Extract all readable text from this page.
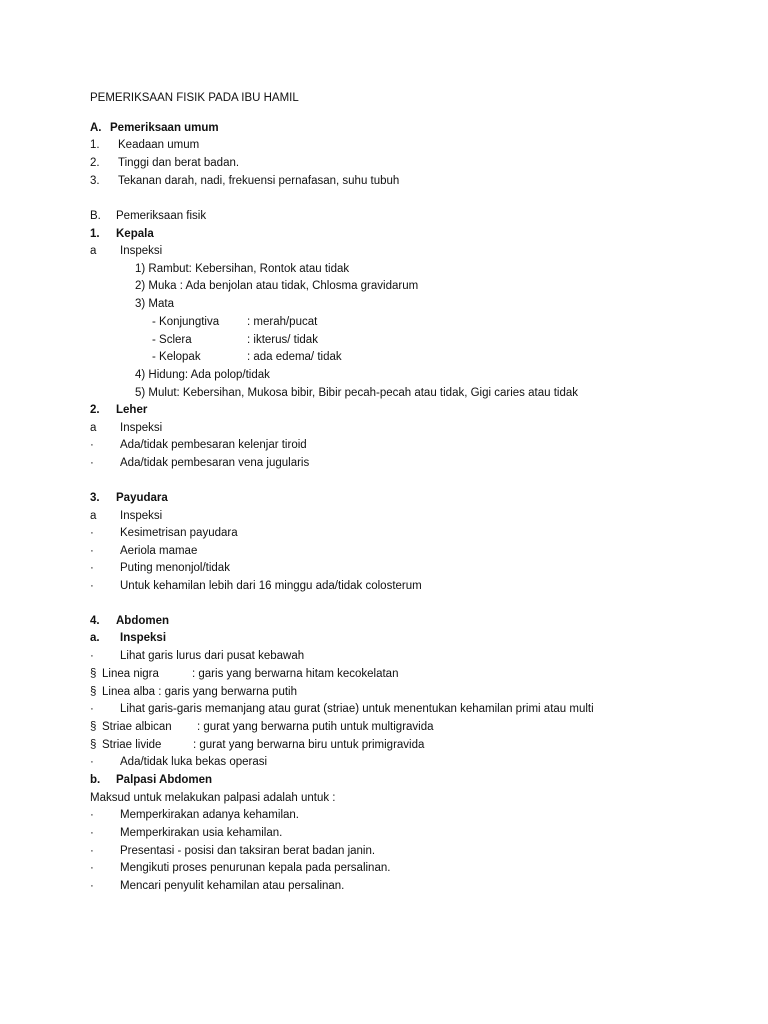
PEMERIKSAAN FISIK PADA IBU HAMIL
A. Pemeriksaan umum
1. Keadaan umum
2. Tinggi dan berat badan.
3. Tekanan darah, nadi, frekuensi pernafasan, suhu tubuh
B. Pemeriksaan fisik
1. Kepala
a Inspeksi
1) Rambut: Kebersihan, Rontok atau tidak
2) Muka : Ada benjolan atau tidak, Chlosma gravidarum
3) Mata
- Konjungtiva : merah/pucat
- Sclera	: ikterus/ tidak
- Kelopak	: ada edema/ tidak
4) Hidung: Ada polop/tidak
5) Mulut: Kebersihan, Mukosa bibir, Bibir pecah-pecah atau tidak, Gigi caries atau tidak
2. Leher
a Inspeksi
· Ada/tidak pembesaran kelenjar tiroid
· Ada/tidak pembesaran vena jugularis
3. Payudara
a Inspeksi
· Kesimetrisan payudara
· Aeriola mamae
· Puting menonjol/tidak
· Untuk kehamilan lebih dari 16 minggu ada/tidak colosterum
4. Abdomen
a. Inspeksi
· Lihat garis lurus dari pusat kebawah
§ Linea nigra	: garis yang berwarna hitam kecokelatan
§ Linea alba : garis yang berwarna putih
· Lihat garis-garis memanjang atau gurat (striae) untuk menentukan kehamilan primi atau multi
§ Striae albican : gurat yang berwarna putih untuk multigravida
§ Striae livide	: gurat yang berwarna biru untuk primigravida
· Ada/tidak luka bekas operasi
b. Palpasi Abdomen
Maksud untuk melakukan palpasi adalah untuk :
· Memperkirakan adanya kehamilan.
· Memperkirakan usia kehamilan.
· Presentasi - posisi dan taksiran berat badan janin.
· Mengikuti proses penurunan kepala pada persalinan.
· Mencari penyulit kehamilan atau persalinan.
